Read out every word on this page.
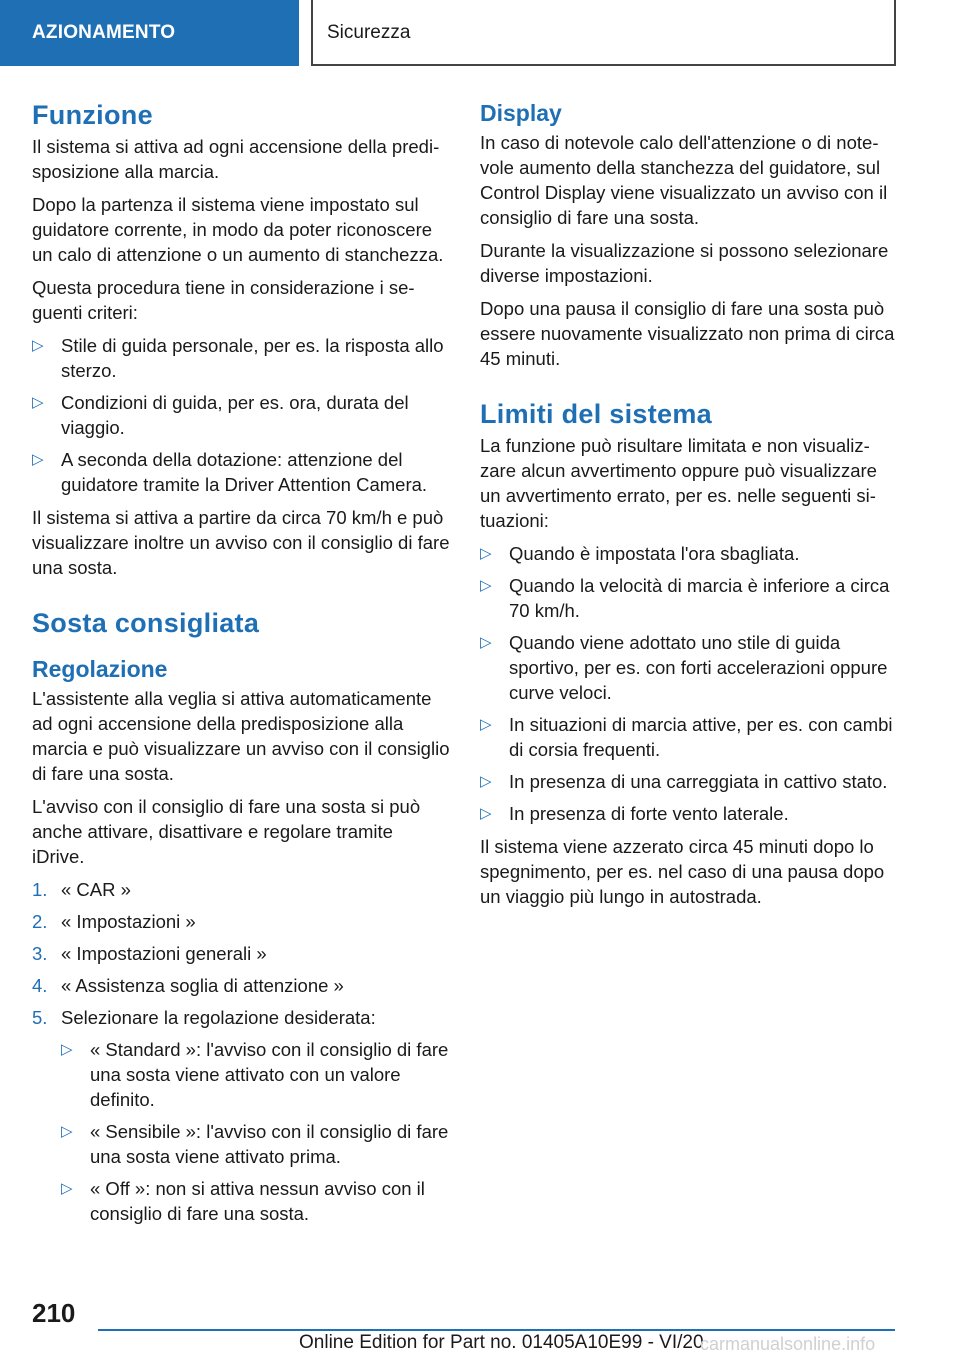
AZIONAMENTO	Sicurezza
Funzione

Il sistema si attiva ad ogni accensione della predisposizione alla marcia.

Dopo la partenza il sistema viene impostato sul guidatore corrente, in modo da poter riconoscere un calo di attenzione o un aumento di stanchezza.

Questa procedura tiene in considerazione i seguenti criteri:

▷ Stile di guida personale, per es. la risposta allo sterzo.
▷ Condizioni di guida, per es. ora, durata del viaggio.
▷ A seconda della dotazione: attenzione del guidatore tramite la Driver Attention Camera.

Il sistema si attiva a partire da circa 70 km/h e può visualizzare inoltre un avviso con il consiglio di fare una sosta.

Sosta consigliata
Regolazione

L'assistente alla veglia si attiva automaticamente ad ogni accensione della predisposizione alla marcia e può visualizzare un avviso con il consiglio di fare una sosta.

L'avviso con il consiglio di fare una sosta si può anche attivare, disattivare e regolare tramite iDrive.

1. « CAR »
2. « Impostazioni »
3. « Impostazioni generali »
4. « Assistenza soglia di attenzione »
5. Selezionare la regolazione desiderata:
▷ « Standard »: l'avviso con il consiglio di fare una sosta viene attivato con un valore definito.
▷ « Sensibile »: l'avviso con il consiglio di fare una sosta viene attivato prima.
▷ « Off »: non si attiva nessun avviso con il consiglio di fare una sosta.
Display

In caso di notevole calo dell'attenzione o di notevole aumento della stanchezza del guidatore, sul Control Display viene visualizzato un avviso con il consiglio di fare una sosta.

Durante la visualizzazione si possono selezionare diverse impostazioni.

Dopo una pausa il consiglio di fare una sosta può essere nuovamente visualizzato non prima di circa 45 minuti.

Limiti del sistema

La funzione può risultare limitata e non visualizzare alcun avvertimento oppure può visualizzare un avvertimento errato, per es. nelle seguenti situazioni:

▷ Quando è impostata l'ora sbagliata.
▷ Quando la velocità di marcia è inferiore a circa 70 km/h.
▷ Quando viene adottato uno stile di guida sportivo, per es. con forti accelerazioni oppure curve veloci.
▷ In situazioni di marcia attive, per es. con cambi di corsia frequenti.
▷ In presenza di una carreggiata in cattivo stato.
▷ In presenza di forte vento laterale.

Il sistema viene azzerato circa 45 minuti dopo lo spegnimento, per es. nel caso di una pausa dopo un viaggio più lungo in autostrada.

210
Online Edition for Part no. 01405A10E99 - VI/20
carmanualsonline.info
